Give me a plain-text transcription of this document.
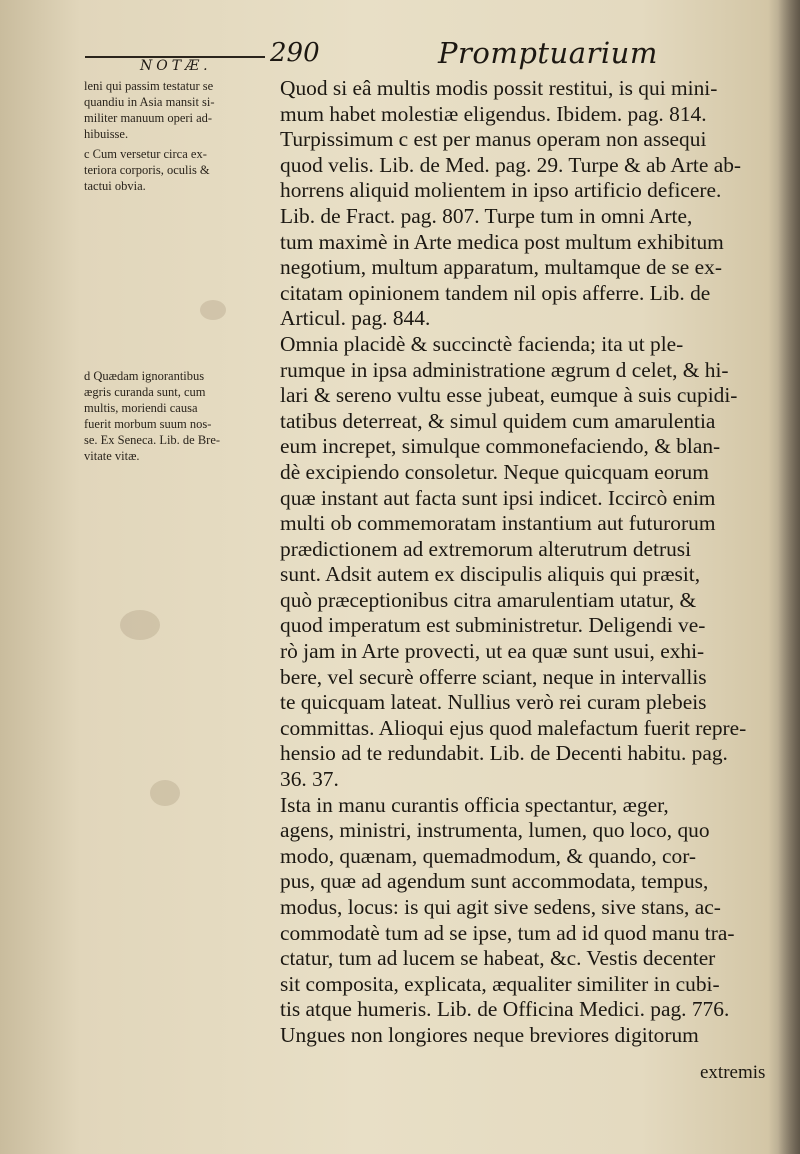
NOTÆ. 290	Promptuarium
leni qui passim testatur se
quandiu in Asia mansit si-
militer manuum operi ad-
hibuisse.
c Cum versetur circa ex-
teriora corporis, oculis &
tactui obvia.
d Quædam ignorantibus
ægris curanda sunt, cum
multis, moriendi causa
fuerit morbum suum nos-
se. Ex Seneca. Lib. de Bre-
vitate vitæ.
Quod si eâ multis modis possit restitui, is qui mini-
mum habet molestiæ eligendus. Ibidem. pag. 814.
Turpissimum c est per manus operam non assequi
quod velis. Lib. de Med. pag. 29. Turpe & ab Arte ab-
horrens aliquid molientem in ipso artificio deficere.
Lib. de Fract. pag. 807. Turpe tum in omni Arte,
tum maximè in Arte medica post multum exhibitum
negotium, multum apparatum, multamque de se ex-
citatam opinionem tandem nil opis afferre. Lib. de
Articul. pag. 844.
Omnia placidè & succinctè facienda; ita ut ple-
rumque in ipsa administratione ægrum d celet, & hi-
lari & sereno vultu esse jubeat, eumque à suis cupidi-
tatibus deterreat, & simul quidem cum amarulentia
eum increpet, simulque commonefaciendo, & blan-
dè excipiendo consoletur. Neque quicquam eorum
quæ instant aut facta sunt ipsi indicet. Iccircò enim
multi ob commemoratam instantium aut futurorum
prædictionem ad extremorum alterutrum detrusi
sunt. Adsit autem ex discipulis aliquis qui præsit,
quò præceptionibus citra amarulentiam utatur, &
quod imperatum est subministretur. Deligendi ve-
rò jam in Arte provecti, ut ea quæ sunt usui, exhi-
bere, vel securè offerre sciant, neque in intervallis
te quicquam lateat. Nullius verò rei curam plebeis
committas. Alioqui ejus quod malefactum fuerit repre-
hensio ad te redundabit. Lib. de Decenti habitu. pag.
36. 37.
Ista in manu curantis officia spectantur, æger,
agens, ministri, instrumenta, lumen, quo loco, quo
modo, quænam, quemadmodum, & quando, cor-
pus, quæ ad agendum sunt accommodata, tempus,
modus, locus: is qui agit sive sedens, sive stans, ac-
commodatè tum ad se ipse, tum ad id quod manu tra-
ctatur, tum ad lucem se habeat, &c. Vestis decenter
sit composita, explicata, æqualiter similiter in cubi-
tis atque humeris. Lib. de Officina Medici. pag. 776.
Ungues non longiores neque breviores digitorum
extremis
